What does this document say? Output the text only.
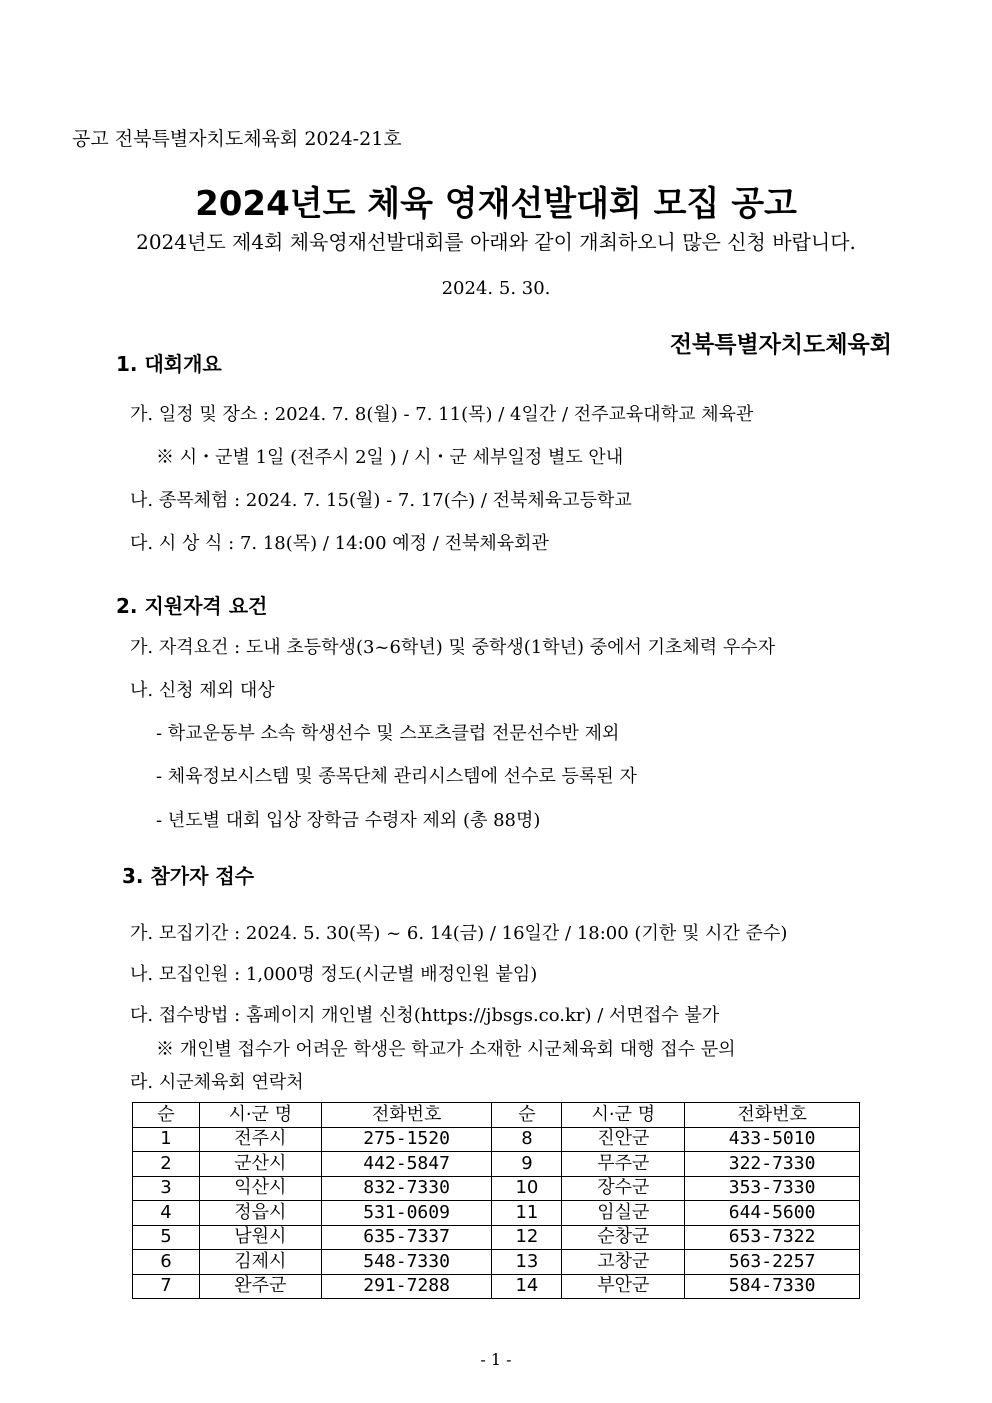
공고 전북특별자치도체육회 2024-21호
2024년도 체육 영재선발대회 모집 공고
2024년도 제4회 체육영재선발대회를 아래와 같이 개최하오니 많은 신청 바랍니다.
2024. 5. 30.
전북특별자치도체육회
1. 대회개요
가. 일정 및 장소 : 2024. 7. 8(월) - 7. 11(목) / 4일간 / 전주교육대학교 체육관
※ 시・군별 1일 (전주시 2일 ) / 시・군 세부일정 별도 안내
나. 종목체험 : 2024. 7. 15(월) - 7. 17(수) / 전북체육고등학교
다. 시 상 식 : 7. 18(목) / 14:00 예정 / 전북체육회관
2. 지원자격 요건
가. 자격요건 : 도내 초등학생(3~6학년) 및 중학생(1학년) 중에서 기초체력 우수자
나. 신청 제외 대상
- 학교운동부 소속 학생선수 및 스포츠클럽 전문선수반 제외
- 체육정보시스템 및 종목단체 관리시스템에 선수로 등록된 자
- 년도별 대회 입상 장학금 수령자 제외 (총 88명)
3. 참가자 접수
가. 모집기간 : 2024. 5. 30(목) ~ 6. 14(금) / 16일간 / 18:00 (기한 및 시간 준수)
나. 모집인원 : 1,000명 정도(시군별 배정인원 붙임)
다. 접수방법 : 홈페이지 개인별 신청(https://jbsgs.co.kr) / 서면접수 불가
※ 개인별 접수가 어려운 학생은 학교가 소재한 시군체육회 대행 접수 문의
라. 시군체육회 연락처
순	시·군 명	전화번호	순	시·군 명	전화번호
1	전주시	275-1520	8	진안군	433-5010
2	군산시	442-5847	9	무주군	322-7330
3	익산시	832-7330	10	장수군	353-7330
4	정읍시	531-0609	11	임실군	644-5600
5	남원시	635-7337	12	순창군	653-7322
6	김제시	548-7330	13	고창군	563-2257
7	완주군	291-7288	14	부안군	584-7330
- 1 -
